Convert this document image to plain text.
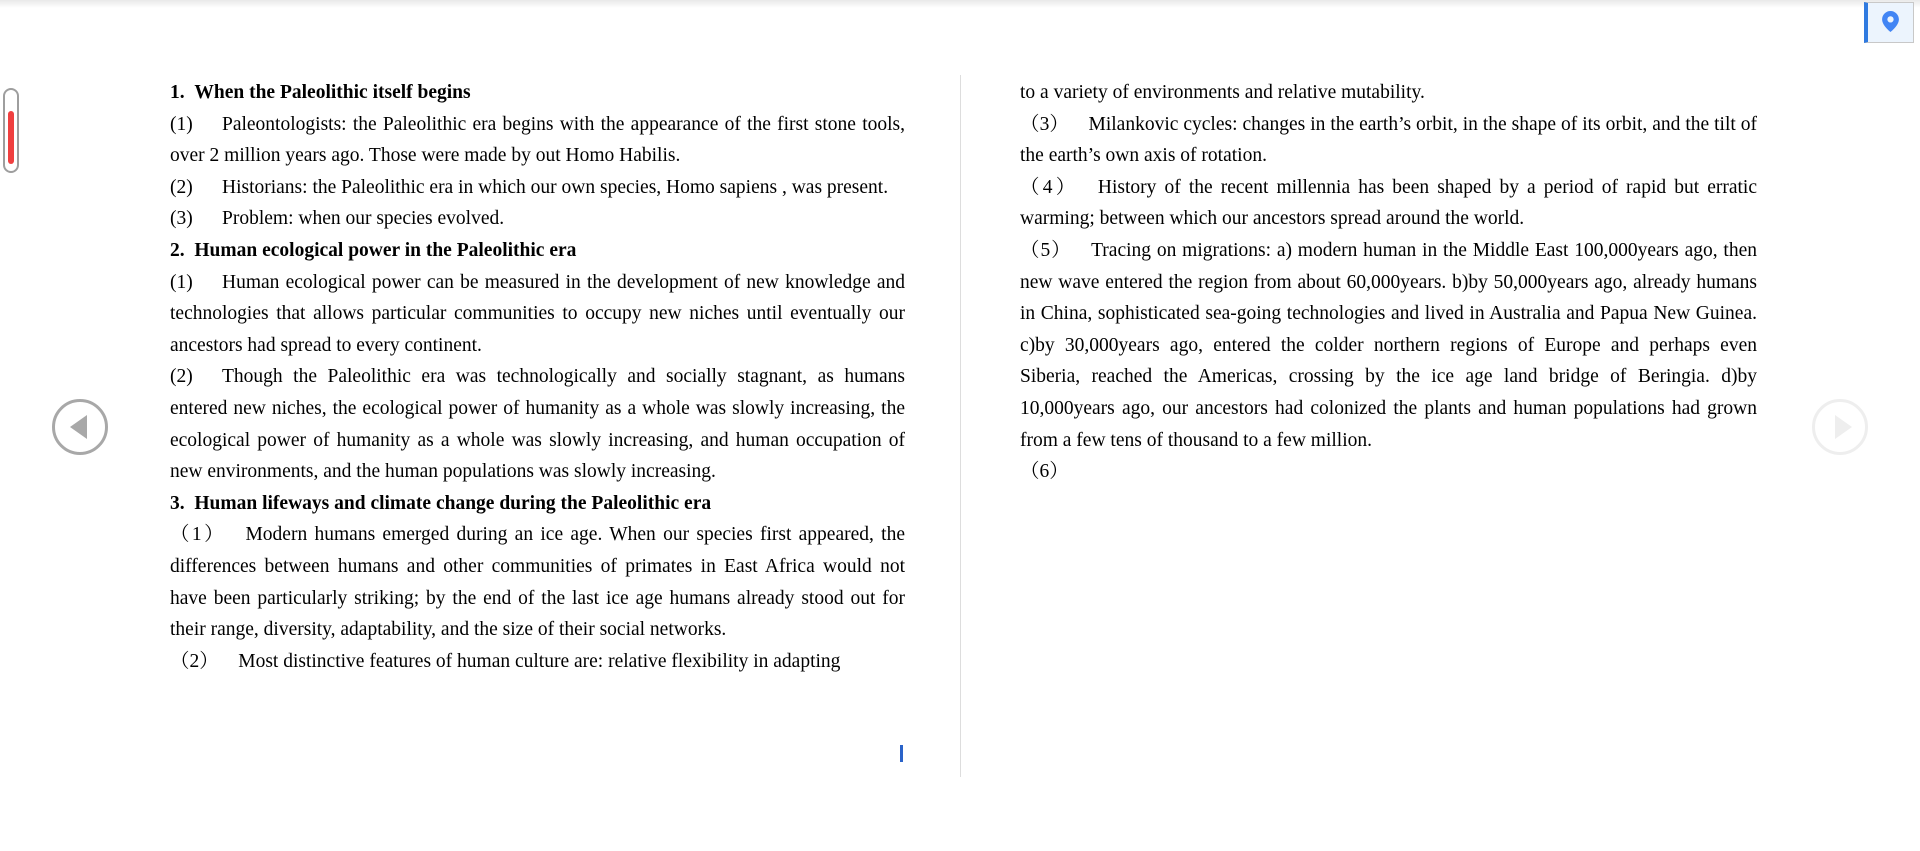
1. When the Paleolithic itself begins

(1)  Paleontologists: the Paleolithic era begins with the appearance of the first stone tools, over 2 million years ago. Those were made by out Homo Habilis.

(2)  Historians: the Paleolithic era in which our own species, Homo sapiens , was present.

(3)  Problem: when our species evolved.

2. Human ecological power in the Paleolithic era

(1)  Human ecological power can be measured in the development of new knowledge and technologies that allows particular communities to occupy new niches until eventually our ancestors had spread to every continent.

(2)  Though the Paleolithic era was technologically and socially stagnant, as humans entered new niches, the ecological power of humanity as a whole was slowly increasing, the ecological power of humanity as a whole was slowly increasing, and human occupation of new environments, and the human populations was slowly increasing.

3. Human lifeways and climate change during the Paleolithic era

（1） Modern humans emerged during an ice age. When our species first appeared, the differences between humans and other communities of primates in East Africa would not have been particularly striking; by the end of the last ice age humans already stood out for their range, diversity, adaptability, and the size of their social networks.

（2） Most distinctive features of human culture are: relative flexibility in adapting

to a variety of environments and relative mutability.

（3） Milankovic cycles: changes in the earth’s orbit, in the shape of its orbit, and the tilt of the earth’s own axis of rotation.

（4） History of the recent millennia has been shaped by a period of rapid but erratic warming; between which our ancestors spread around the world.

（5） Tracing on migrations: a) modern human in the Middle East 100,000years ago, then new wave entered the region from about 60,000years. b)by 50,000years ago, already humans in China, sophisticated sea-going technologies and lived in Australia and Papua New Guinea. c)by 30,000years ago, entered the colder northern regions of Europe and perhaps even Siberia, reached the Americas, crossing by the ice age land bridge of Beringia. d)by 10,000years ago, our ancestors had colonized the plants and human populations had grown from a few tens of thousand to a few million.

（6）
